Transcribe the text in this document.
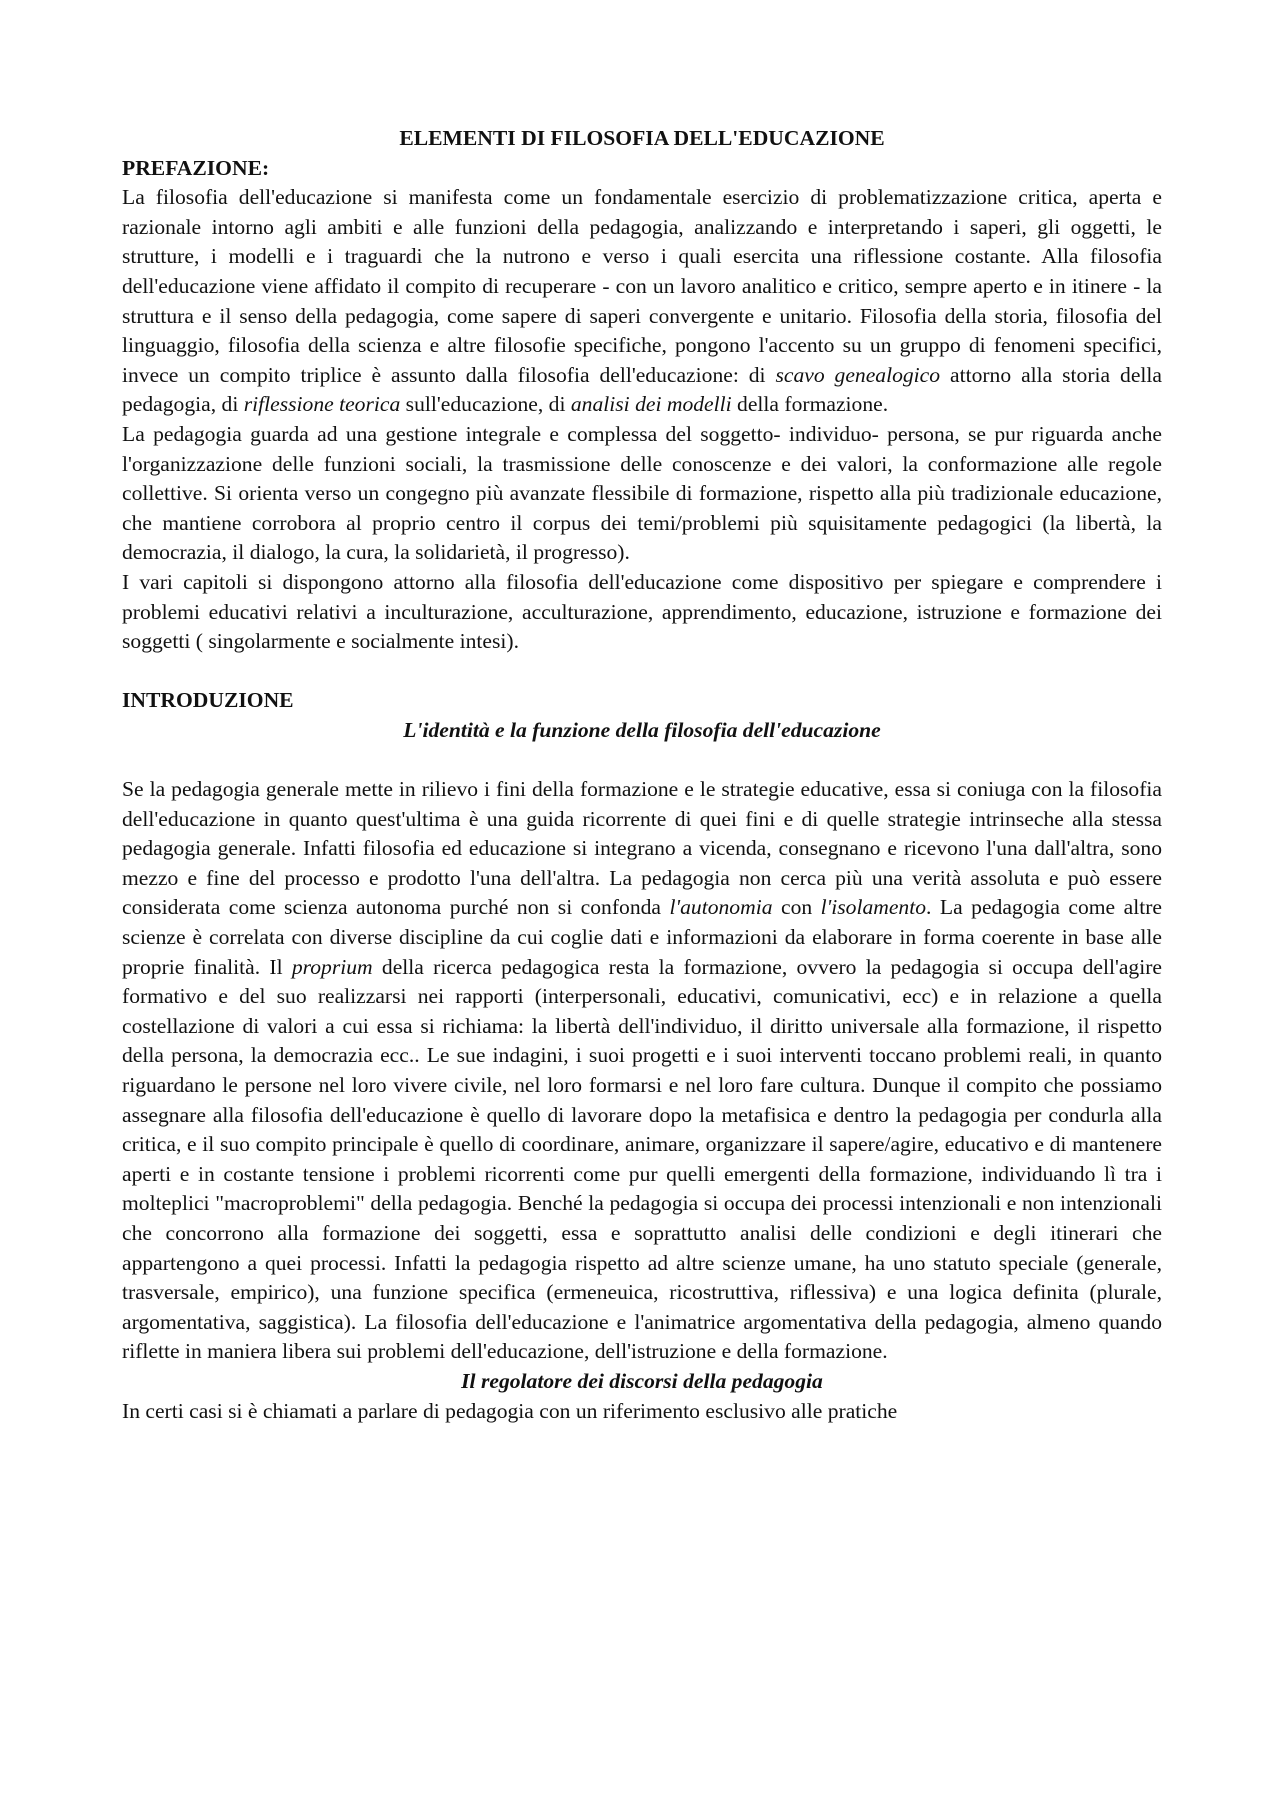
ELEMENTI DI FILOSOFIA DELL'EDUCAZIONE

PREFAZIONE:

La filosofia dell'educazione si manifesta come un fondamentale esercizio di problematizzazione critica, aperta e razionale intorno agli ambiti e alle funzioni della pedagogia, analizzando e interpretando i saperi, gli oggetti, le strutture, i modelli e i traguardi che la nutrono e verso i quali esercita una riflessione costante. Alla filosofia dell'educazione viene affidato il compito di recuperare - con un lavoro analitico e critico, sempre aperto e in itinere - la struttura e il senso della pedagogia, come sapere di saperi convergente e unitario. Filosofia della storia, filosofia del linguaggio, filosofia della scienza e altre filosofie specifiche, pongono l'accento su un gruppo di fenomeni specifici, invece un compito triplice è assunto dalla filosofia dell'educazione: di scavo genealogico attorno alla storia della pedagogia, di riflessione teorica sull'educazione, di analisi dei modelli della formazione.

La pedagogia guarda ad una gestione integrale e complessa del soggetto- individuo- persona, se pur riguarda anche l'organizzazione delle funzioni sociali, la trasmissione delle conoscenze e dei valori, la conformazione alle regole collettive. Si orienta verso un congegno più avanzate flessibile di formazione, rispetto alla più tradizionale educazione, che mantiene corrobora al proprio centro il corpus dei temi/problemi più squisitamente pedagogici (la libertà, la democrazia, il dialogo, la cura, la solidarietà, il progresso).

I vari capitoli si dispongono attorno alla filosofia dell'educazione come dispositivo per spiegare e comprendere i problemi educativi relativi a inculturazione, acculturazione, apprendimento, educazione, istruzione e formazione dei soggetti ( singolarmente e socialmente intesi).

INTRODUZIONE

L'identità e la funzione della filosofia dell'educazione

Se la pedagogia generale mette in rilievo i fini della formazione e le strategie educative, essa si coniuga con la filosofia dell'educazione in quanto quest'ultima è una guida ricorrente di quei fini e di quelle strategie intrinseche alla stessa pedagogia generale. Infatti filosofia ed educazione si integrano a vicenda, consegnano e ricevono l'una dall'altra, sono mezzo e fine del processo e prodotto l'una dell'altra. La pedagogia non cerca più una verità assoluta e può essere considerata come scienza autonoma purché non si confonda l'autonomia con l'isolamento. La pedagogia come altre scienze è correlata con diverse discipline da cui coglie dati e informazioni da elaborare in forma coerente in base alle proprie finalità. Il proprium della ricerca pedagogica resta la formazione, ovvero la pedagogia si occupa dell'agire formativo e del suo realizzarsi nei rapporti (interpersonali, educativi, comunicativi, ecc) e in relazione a quella costellazione di valori a cui essa si richiama: la libertà dell'individuo, il diritto universale alla formazione, il rispetto della persona, la democrazia ecc.. Le sue indagini, i suoi progetti e i suoi interventi toccano problemi reali, in quanto riguardano le persone nel loro vivere civile, nel loro formarsi e nel loro fare cultura. Dunque il compito che possiamo assegnare alla filosofia dell'educazione è quello di lavorare dopo la metafisica e dentro la pedagogia per condurla alla critica, e il suo compito principale è quello di coordinare, animare, organizzare il sapere/agire, educativo e di mantenere aperti e in costante tensione i problemi ricorrenti come pur quelli emergenti della formazione, individuando lì tra i molteplici "macroproblemi" della pedagogia. Benché la pedagogia si occupa dei processi intenzionali e non intenzionali che concorrono alla formazione dei soggetti, essa e soprattutto analisi delle condizioni e degli itinerari che appartengono a quei processi. Infatti la pedagogia rispetto ad altre scienze umane, ha uno statuto speciale (generale, trasversale, empirico), una funzione specifica (ermeneuica, ricostruttiva, riflessiva) e una logica definita (plurale, argomentativa, saggistica). La filosofia dell'educazione e l'animatrice argomentativa della pedagogia, almeno quando riflette in maniera libera sui problemi dell'educazione, dell'istruzione e della formazione.

Il regolatore dei discorsi della pedagogia

In certi casi si è chiamati a parlare di pedagogia con un riferimento esclusivo alle pratiche
